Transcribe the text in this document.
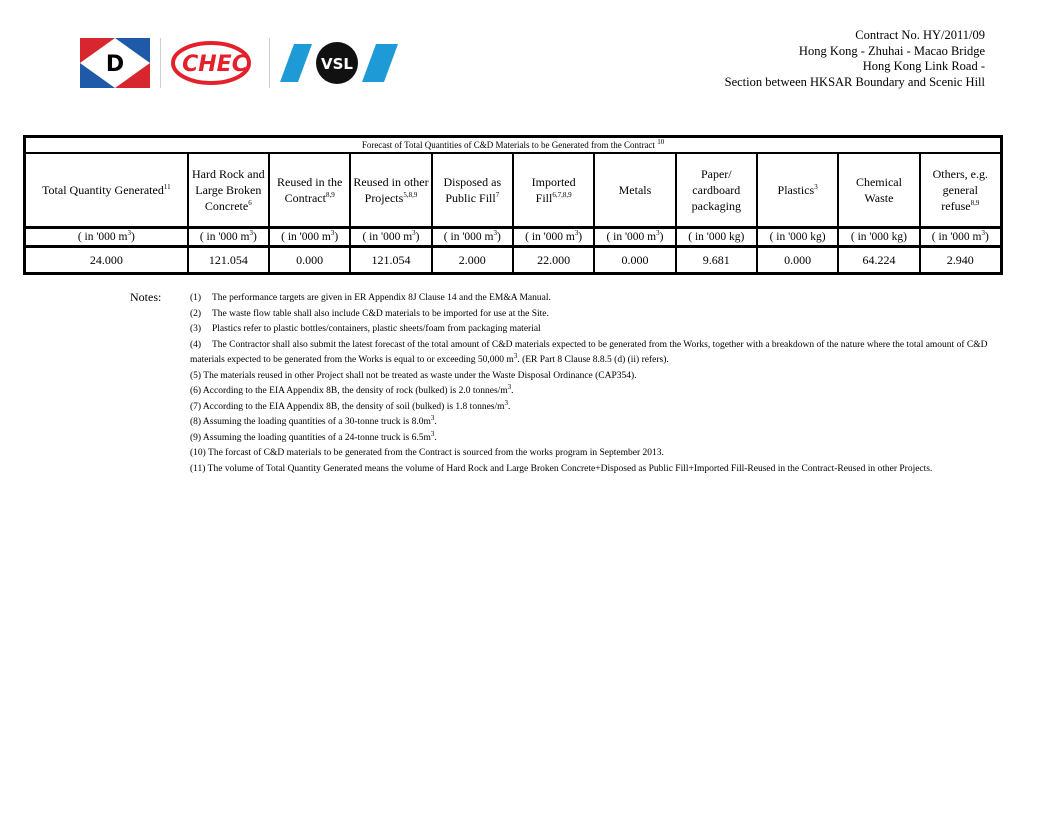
D	CHEC	VSL
Contract No. HY/2011/09
Hong Kong - Zhuhai - Macao Bridge
Hong Kong Link Road -
Section between HKSAR Boundary and Scenic Hill
Forecast of Total Quantities of C&D Materials to be Generated from the Contract $^{10}$
Total Quantity Generated$^{11}$	Hard Rock and Large Broken Concrete$^6$	Reused in the Contract$^{8,9}$	Reused in other Projects$^{5,8,9}$	Disposed as Public Fill$^7$	Imported Fill$^{6,7,8,9}$	Metals	Paper/ cardboard packaging	Plastics$^3$	Chemical Waste	Others, e.g. general refuse$^{8,9}$
( in '000 $m^3$)	( in '000 $m^3$)	( in '000 $m^3$)	( in '000 $m^3$)	( in '000 $m^3$)	( in '000 $m^3$)	( in '000 $m^3$)	( in '000 kg)	( in '000 kg)	( in '000 kg)	( in '000 $m^3$)
24.000	121.054	0.000	121.054	2.000	22.000	0.000	9.681	0.000	64.224	2.940
Notes:	(1) The performance targets are given in ER Appendix 8J Clause 14 and the EM&A Manual.
(2) The waste flow table shall also include C&D materials to be imported for use at the Site.
(3) Plastics refer to plastic bottles/containers, plastic sheets/foam from packaging material
(4) The Contractor shall also submit the latest forecast of the total amount of C&D materials expected to be generated from the Works, together with a breakdown of the nature where the total amount of C&D materials expected to be generated from the Works is equal to or exceeding 50,000 $m^3$. (ER Part 8 Clause 8.8.5 (d) (ii) refers).
(5) The materials reused in other Project shall not be treated as waste under the Waste Disposal Ordinance (CAP354).
(6) According to the EIA Appendix 8B, the density of rock (bulked) is 2.0 tonnes/$m^3$.
(7) According to the EIA Appendix 8B, the density of soil (bulked) is 1.8 tonnes/$m^3$.
(8) Assuming the loading quantities of a 30-tonne truck is $8.0m^3$.
(9) Assuming the loading quantities of a 24-tonne truck is $6.5m^3$.
(10) The forcast of C&D materials to be generated from the Contract is sourced from the works program in September 2013.
(11) The volume of Total Quantity Generated means the volume of Hard Rock and Large Broken Concrete+Disposed as Public Fill+Imported Fill-Reused in the Contract-Reused in other Projects.
